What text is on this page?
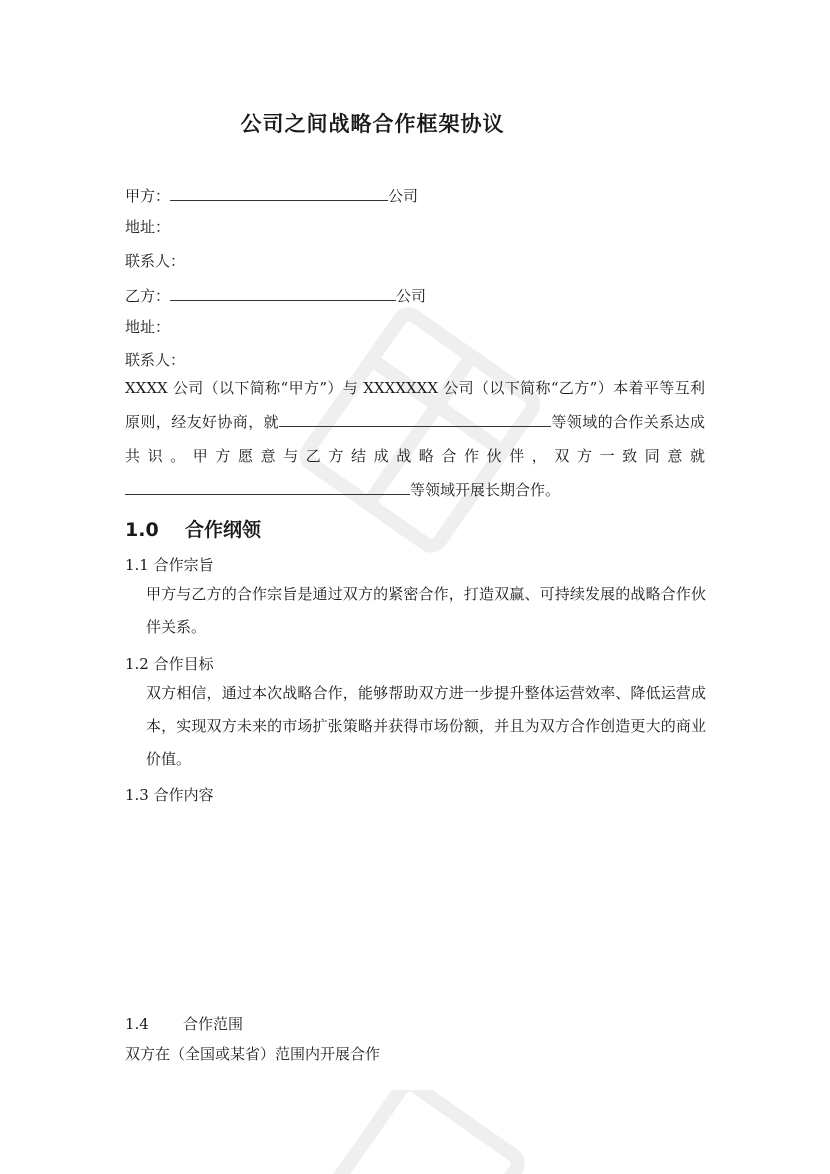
公司之间战略合作框架协议
甲方：	公司
地址：
联系人：
乙方：	公司
地址：
联系人：
XXXX 公司（以下简称“甲方”）与 XXXXXXX 公司（以下简称“乙方”）本着平等互利原则，经友好协商，就	等领域的合作关系达成共识。甲方愿意与乙方结成战略合作伙伴，双方一致同意就等领域开展长期合作。
1.0 合作纲领
1.1 合作宗旨
甲方与乙方的合作宗旨是通过双方的紧密合作，打造双赢、可持续发展的战略合作伙伴关系。
1.2 合作目标
双方相信，通过本次战略合作，能够帮助双方进一步提升整体运营效率、降低运营成本，实现双方未来的市场扩张策略并获得市场份额，并且为双方合作创造更大的商业价值。
1.3 合作内容
1.4 合作范围
双方在（全国或某省）范围内开展合作
